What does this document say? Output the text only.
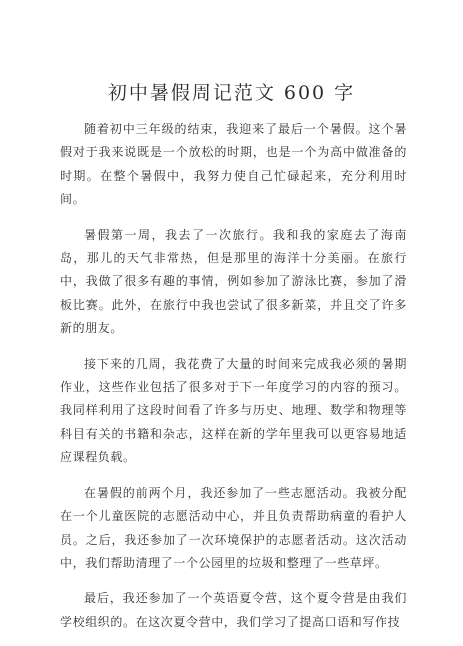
初中暑假周记范文 600 字

随着初中三年级的结束，我迎来了最后一个暑假。这个暑假对于我来说既是一个放松的时期，也是一个为高中做准备的时期。在整个暑假中，我努力使自己忙碌起来，充分利用时间。

暑假第一周，我去了一次旅行。我和我的家庭去了海南岛，那儿的天气非常热，但是那里的海洋十分美丽。在旅行中，我做了很多有趣的事情，例如参加了游泳比赛，参加了滑板比赛。此外，在旅行中我也尝试了很多新菜，并且交了许多新的朋友。

接下来的几周，我花费了大量的时间来完成我必须的暑期作业，这些作业包括了很多对于下一年度学习的内容的预习。我同样利用了这段时间看了许多与历史、地理、数学和物理等科目有关的书籍和杂志，这样在新的学年里我可以更容易地适应课程负载。

在暑假的前两个月，我还参加了一些志愿活动。我被分配在一个儿童医院的志愿活动中心，并且负责帮助病童的看护人员。之后，我还参加了一次环境保护的志愿者活动。这次活动中，我们帮助清理了一个公园里的垃圾和整理了一些草坪。

最后，我还参加了一个英语夏令营，这个夏令营是由我们学校组织的。在这次夏令营中，我们学习了提高口语和写作技
